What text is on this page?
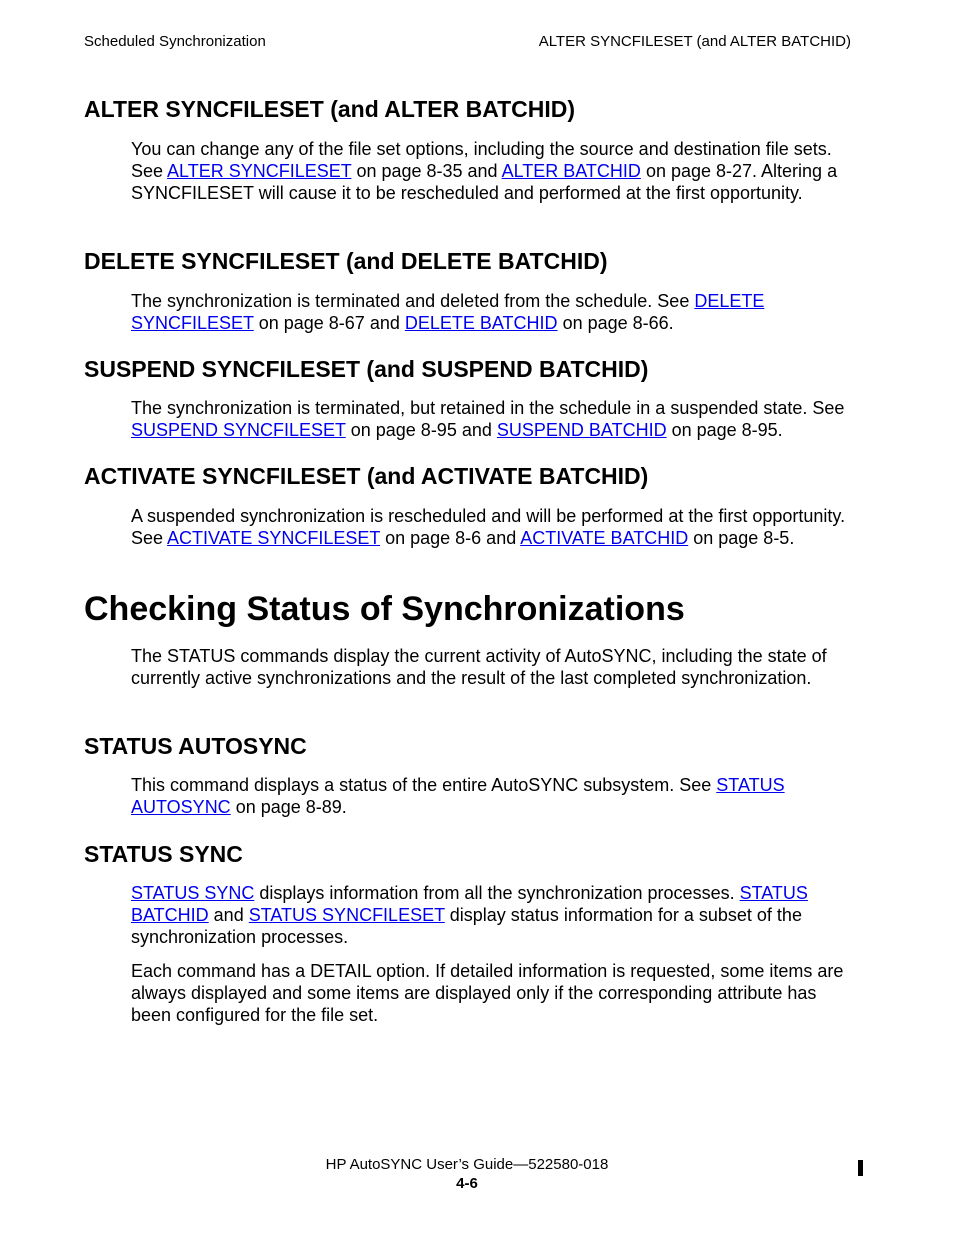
Scheduled Synchronization	ALTER SYNCFILESET (and ALTER BATCHID)
ALTER SYNCFILESET (and ALTER BATCHID)

You can change any of the file set options, including the source and destination file sets. See ALTER SYNCFILESET on page 8-35 and ALTER BATCHID on page 8-27. Altering a SYNCFILESET will cause it to be rescheduled and performed at the first opportunity.

DELETE SYNCFILESET (and DELETE BATCHID)

The synchronization is terminated and deleted from the schedule. See DELETE SYNCFILESET on page 8-67 and DELETE BATCHID on page 8-66.

SUSPEND SYNCFILESET (and SUSPEND BATCHID)

The synchronization is terminated, but retained in the schedule in a suspended state. See SUSPEND SYNCFILESET on page 8-95 and SUSPEND BATCHID on page 8-95.

ACTIVATE SYNCFILESET (and ACTIVATE BATCHID)

A suspended synchronization is rescheduled and will be performed at the first opportunity. See ACTIVATE SYNCFILESET on page 8-6 and ACTIVATE BATCHID on page 8-5.

Checking Status of Synchronizations

The STATUS commands display the current activity of AutoSYNC, including the state of currently active synchronizations and the result of the last completed synchronization.

STATUS AUTOSYNC

This command displays a status of the entire AutoSYNC subsystem. See STATUS AUTOSYNC on page 8-89.

STATUS SYNC

STATUS SYNC displays information from all the synchronization processes. STATUS BATCHID and STATUS SYNCFILESET display status information for a subset of the synchronization processes.

Each command has a DETAIL option. If detailed information is requested, some items are always displayed and some items are displayed only if the corresponding attribute has been configured for the file set.

HP AutoSYNC User’s Guide—522580-018
4-6
